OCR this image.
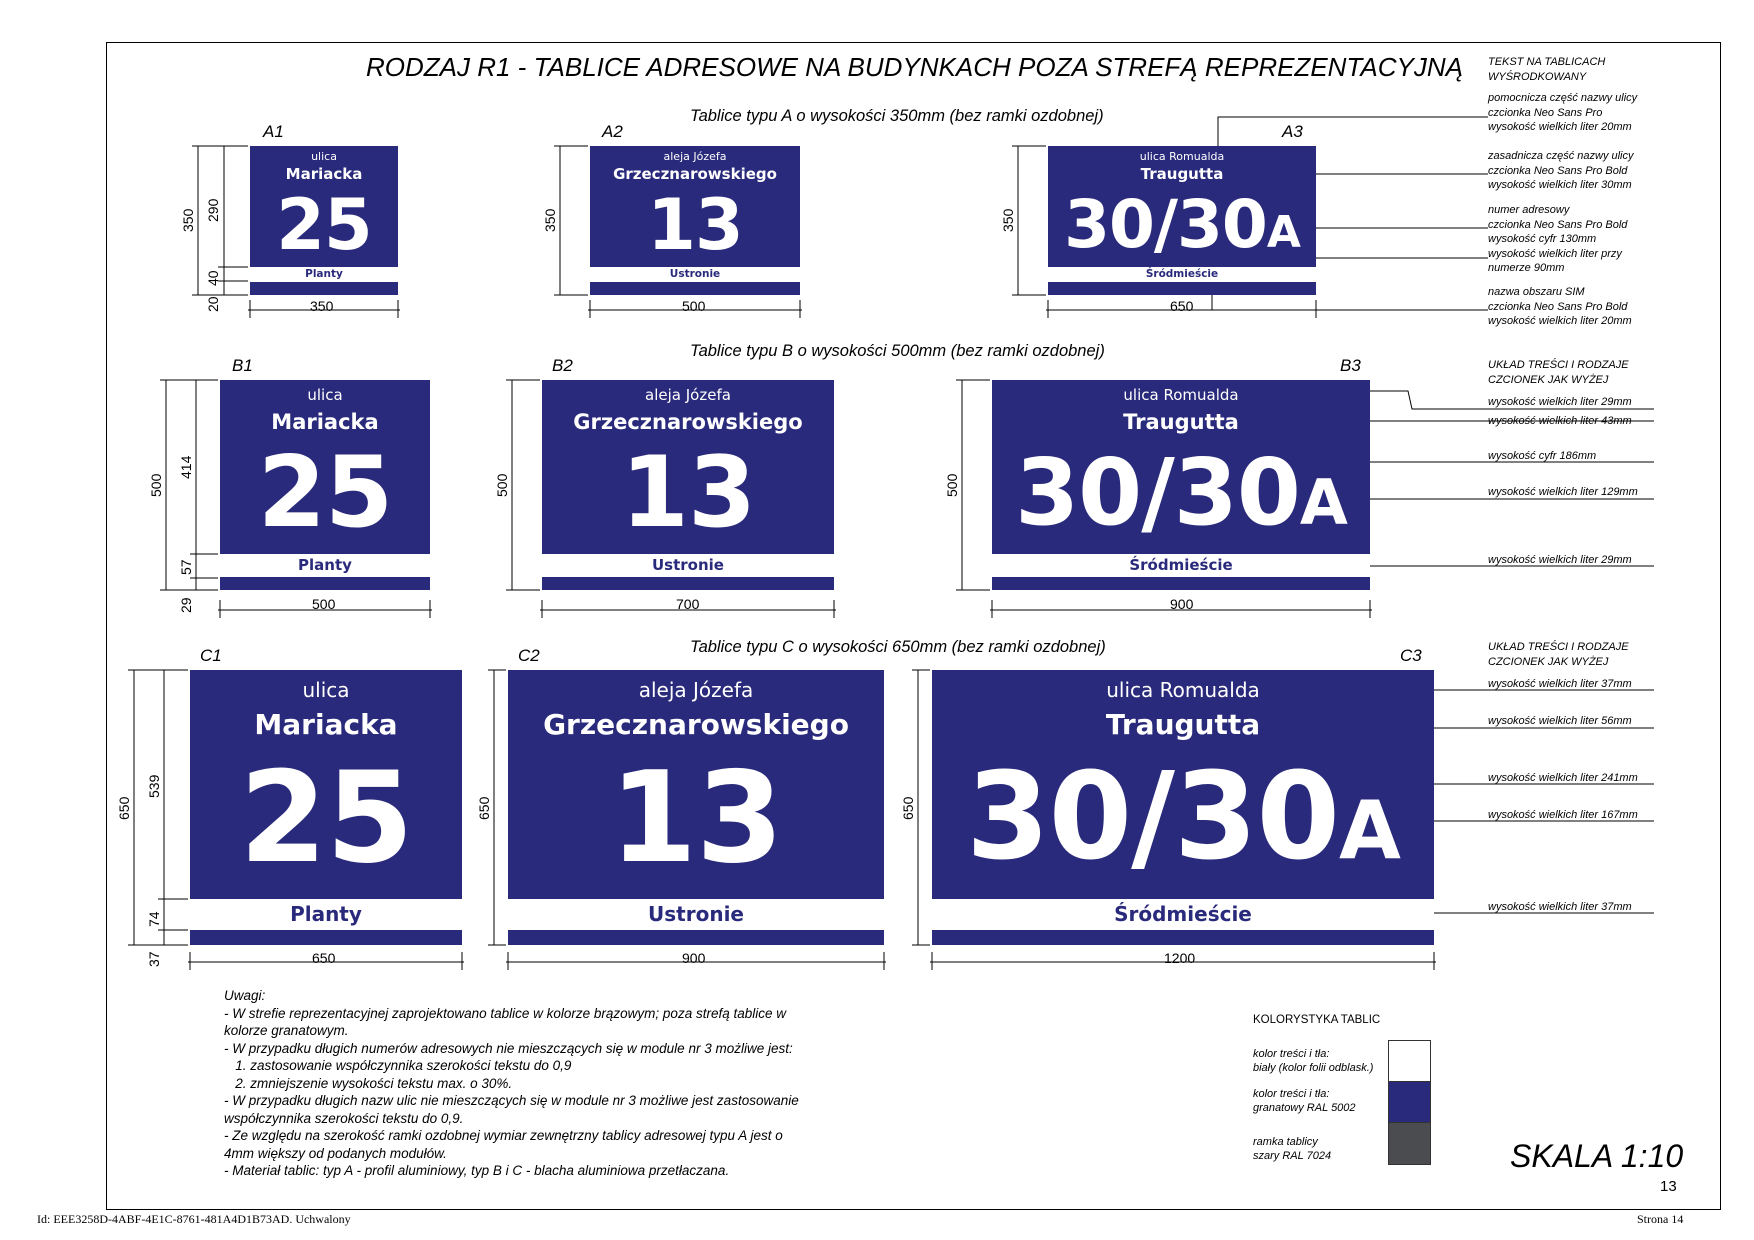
RODZAJ R1 - TABLICE ADRESOWE NA BUDYNKACH POZA STREFĄ REPREZENTACYJNĄ
Tablice typu A o wysokości 350mm (bez ramki ozdobnej)
Tablice typu B o wysokości 500mm (bez ramki ozdobnej)
Tablice typu C o wysokości 650mm (bez ramki ozdobnej)
350 290
40
20
350	350
500
414
57
29
500	500
650
539
74
37
650	650
350	500	650
500	700	900
650	900	1200
A1	A2	A3
B1	B2	B3
C1	C2	C3
ulica
Mariacka
25
Planty
aleja Józefa
Grzecznarowskiego
13
Ustronie
ulica Romualda
Traugutta
30/30A
Śródmieście
ulica
Mariacka
25
Planty
aleja Józefa
Grzecznarowskiego
13
Ustronie
ulica Romualda
Traugutta
30/30A
Śródmieście
ulica
Mariacka
25
Planty
aleja Józefa
Grzecznarowskiego
13
Ustronie
ulica Romualda
Traugutta
30/30A
Śródmieście
TEKST NA TABLICACH
WYŚRODKOWANY
pomocnicza część nazwy ulicy
czcionka Neo Sans Pro
wysokość wielkich liter 20mm
zasadnicza część nazwy ulicy
czcionka Neo Sans Pro Bold
wysokość wielkich liter 30mm
numer adresowy
czcionka Neo Sans Pro Bold
wysokość cyfr 130mm
wysokość wielkich liter przy
numerze 90mm
nazwa obszaru SIM
czcionka Neo Sans Pro Bold
wysokość wielkich liter 20mm
UKŁAD TREŚCI I RODZAJE
CZCIONEK JAK WYŻEJ
wysokość wielkich liter 29mm
wysokość wielkich liter 43mm
wysokość cyfr 186mm
wysokość wielkich liter 129mm
wysokość wielkich liter 29mm
UKŁAD TREŚCI I RODZAJE
CZCIONEK JAK WYŻEJ
wysokość wielkich liter 37mm
wysokość wielkich liter 56mm
wysokość wielkich liter 241mm
wysokość wielkich liter 167mm
wysokość wielkich liter 37mm
Uwagi:
- W strefie reprezentacyjnej zaprojektowano tablice w kolorze brązowym; poza strefą tablice w
kolorze granatowym.
- W przypadku długich numerów adresowych nie mieszczących się w module nr 3 możliwe jest:
1. zastosowanie współczynnika szerokości tekstu do 0,9
2. zmniejszenie wysokości tekstu max. o 30%.
- W przypadku długich nazw ulic nie mieszczących się w module nr 3 możliwe jest zastosowanie
współczynnika szerokości tekstu do 0,9.
- Ze względu na szerokość ramki ozdobnej wymiar zewnętrzny tablicy adresowej typu A jest o
4mm większy od podanych modułów.
- Materiał tablic: typ A - profil aluminiowy, typ B i C - blacha aluminiowa przetłaczana.
KOLORYSTYKA TABLIC
kolor treści i tła:
biały (kolor folii odblask.)
kolor treści i tła:
granatowy RAL 5002
ramka tablicy
szary RAL 7024	SKALA 1:10
13
Id: EEE3258D-4ABF-4E1C-8761-481A4D1B73AD. Uchwalony	Strona 14
